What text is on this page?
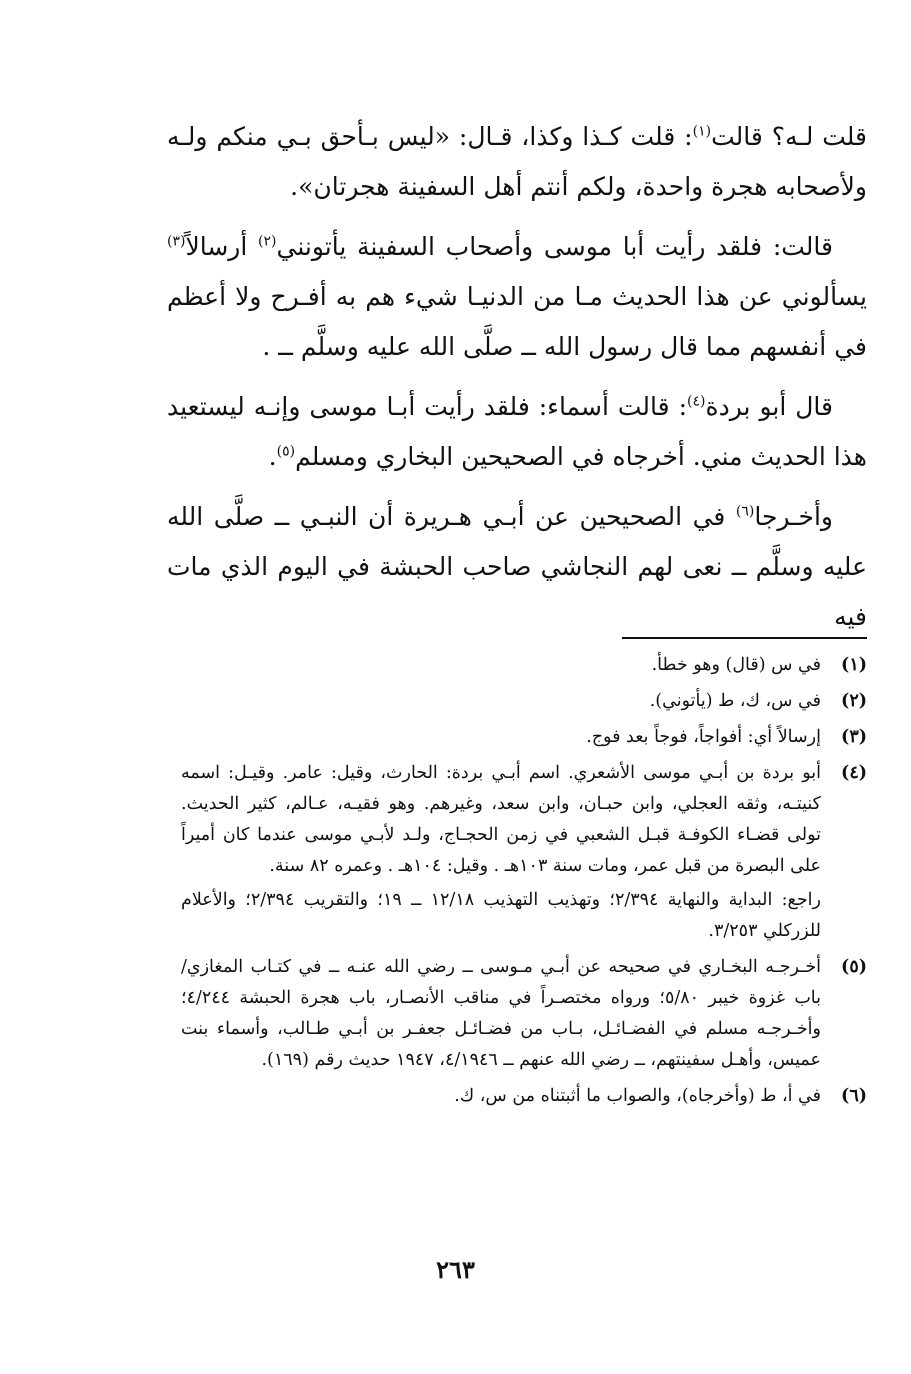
قلت لـه؟ قالت$^{(١)}$: قلت كـذا وكذا، قـال: «ليس بـأحق بـي منكم ولـه ولأصحابه هجرة واحدة، ولكم أنتم أهل السفينة هجرتان».

قالت: فلقد رأيت أبا موسى وأصحاب السفينة يأتونني$^{(٢)}$ أرسالاً$^{(٣)}$ يسألوني عن هذا الحديث مـا من الدنيـا شيء هم به أفـرح ولا أعظم في أنفسهم مما قال رسول الله ــ صلَّى الله عليه وسلَّم ــ .

قال أبو بردة$^{(٤)}$: قالت أسماء: فلقد رأيت أبـا موسى وإنـه ليستعيد هذا الحديث مني. أخرجاه في الصحيحين البخاري ومسلم$^{(٥)}$.

وأخـرجا$^{(٦)}$ في الصحيحين عن أبـي هـريرة أن النبـي ــ صلَّى الله عليه وسلَّم ــ نعى لهم النجاشي صاحب الحبشة في اليوم الذي مات فيه

(١)

في س (قال) وهو خطأ.

(٢)

في س، ك، ط (يأتوني).

(٣)

إرسالاً أي: أفواجاً، فوجاً بعد فوج.

(٤)

أبو بردة بن أبـي موسى الأشعري. اسم أبـي بردة: الحارث، وقيل: عامر. وقيـل: اسمه كنيتـه، وثقه العجلي، وابن حبـان، وابن سعد، وغيرهم. وهو فقيـه، عـالم، كثير الحديث. تولى قضـاء الكوفـة قبـل الشعبي في زمن الحجـاج، ولـد لأبـي موسى عندما كان أميراً على البصرة من قبل عمر، ومات سنة ١٠٣هـ . وقيل: ١٠٤هـ . وعمره ٨٢ سنة.

راجع: البداية والنهاية ٢/٣٩٤؛ وتهذيب التهذيب ١٢/١٨ ــ ١٩؛ والتقريب ٢/٣٩٤؛ والأعلام للزركلي ٣/٢٥٣.

(٥)

أخـرجـه البخـاري في صحيحه عن أبـي مـوسى ــ رضي الله عنـه ــ في كتـاب المغازي/ باب غزوة خيبر ٥/٨٠؛ ورواه مختصـراً في مناقب الأنصـار، باب هجرة الحبشة ٤/٢٤٤؛ وأخـرجـه مسلم في الفضـائـل، بـاب من فضـائـل جعفـر بن أبـي طـالب، وأسماء بنت عميس، وأهـل سفينتهم، ــ رضي الله عنهم ــ ٤/١٩٤٦، ١٩٤٧ حديث رقم (١٦٩).

(٦)

في أ، ط (وأخرجاه)، والصواب ما أثبتناه من س، ك.

٢٦٣
